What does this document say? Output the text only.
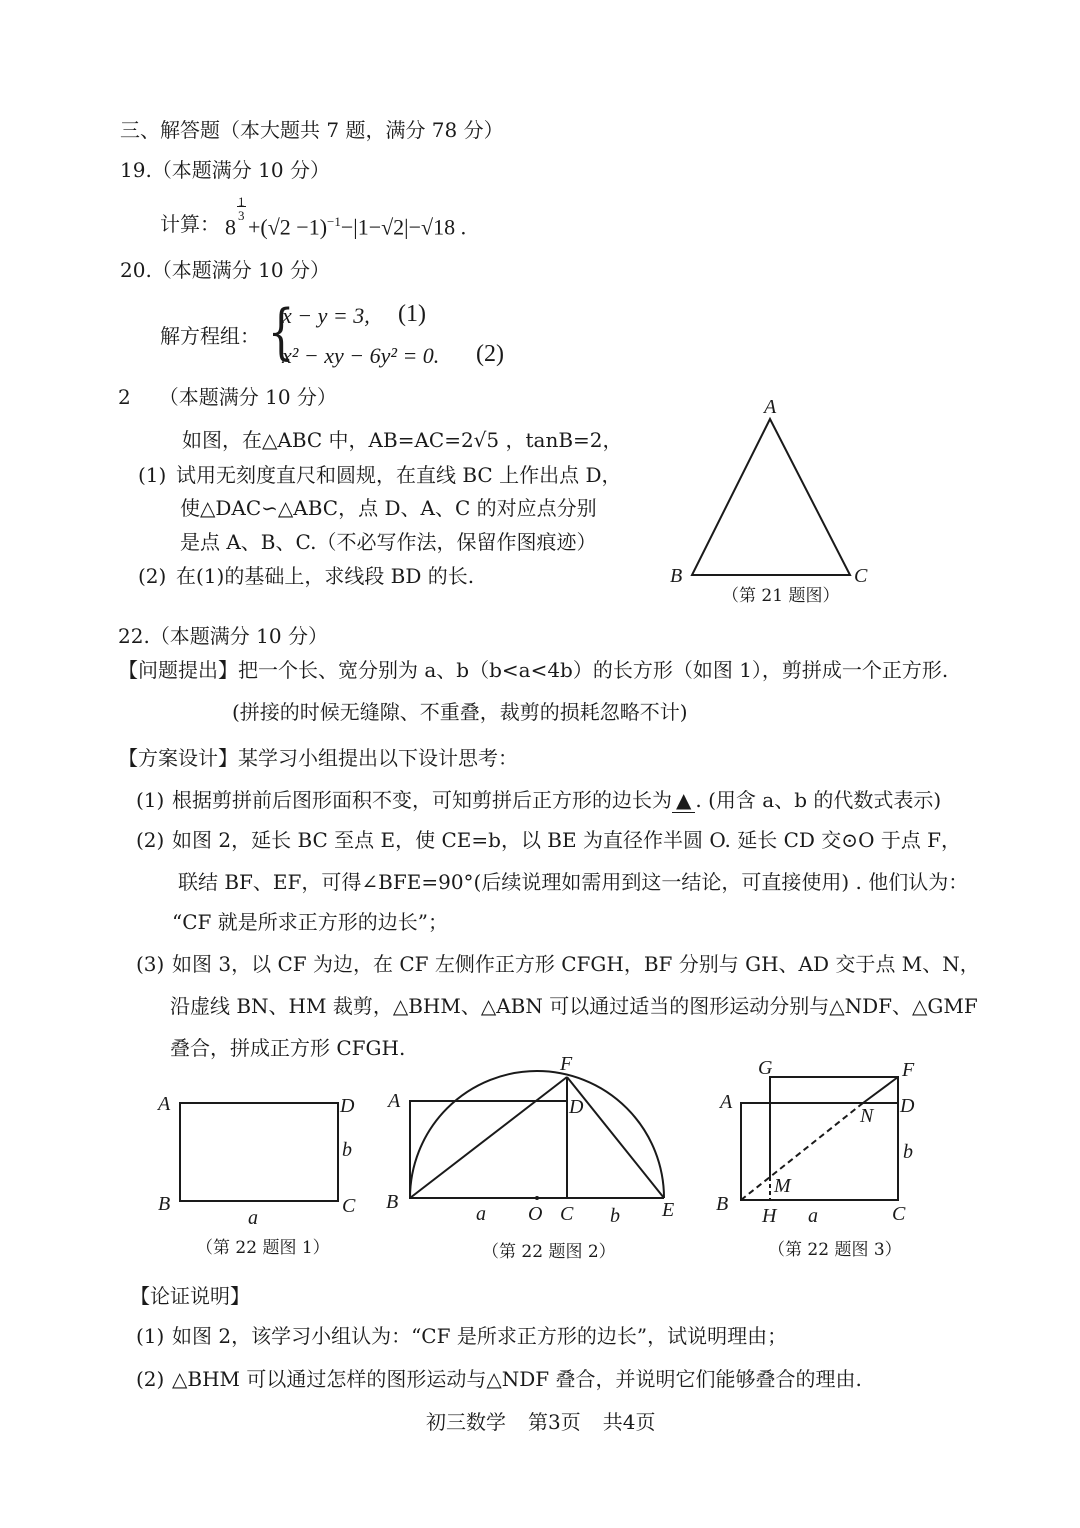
三、解答题（本大题共 7 题，满分 78 分）
19.（本题满分 10 分）
计算： 8
1
$3 +(√2 -1)^{-1}-|1-√2|-√18$ .
20.（本题满分 10 分）
解方程组： {
x − y = 3, (1)
x² − xy − 6y² = 0. (2)
2 （本题满分 10 分）
如图，在△ABC 中，AB=AC=2√5 ，tanB=2，
(1) 试用无刻度直尺和圆规，在直线 BC 上作出点 D，
使△DAC∽△ABC，点 D、A、C 的对应点分别
是点 A、B、C.（不必写作法，保留作图痕迹）
(2) 在(1)的基础上，求线段 BD 的长.
A
B	C
（第 21 题图）
22.（本题满分 10 分）
【问题提出】把一个长、宽分别为 a、b（b<a<4b）的长方形（如图 1），剪拼成一个正方形.
(拼接的时候无缝隙、不重叠，裁剪的损耗忽略不计)
【方案设计】某学习小组提出以下设计思考：
(1) 根据剪拼前后图形面积不变，可知剪拼后正方形的边长为 ▲ . (用含 a、b 的代数式表示)
(2) 如图 2，延长 BC 至点 E，使 CE=b，以 BE 为直径作半圆 O. 延长 CD 交⊙O 于点 F，
联结 BF、EF，可得∠BFE=90°(后续说理如需用到这一结论，可直接使用) . 他们认为：
“CF 就是所求正方形的边长”；
(3) 如图 3，以 CF 为边，在 CF 左侧作正方形 CFGH，BF 分别与 GH、AD 交于点 M、N，
沿虚线 BN、HM 裁剪，△BHM、△ABN 可以通过适当的图形运动分别与△NDF、△GMF
叠合，拼成正方形 CFGH.
A	D
B	C
b
a
（第 22 题图 1）
F
A	D
B
a O C b E
（第 22 题图 2）
G	F
A
N D
b
M
B
H a	C
（第 22 题图 3）
【论证说明】
(1) 如图 2，该学习小组认为：“CF 是所求正方形的边长”，试说明理由；
(2) △BHM 可以通过怎样的图形运动与△NDF 叠合，并说明它们能够叠合的理由.
初三数学 第3页 共4页
